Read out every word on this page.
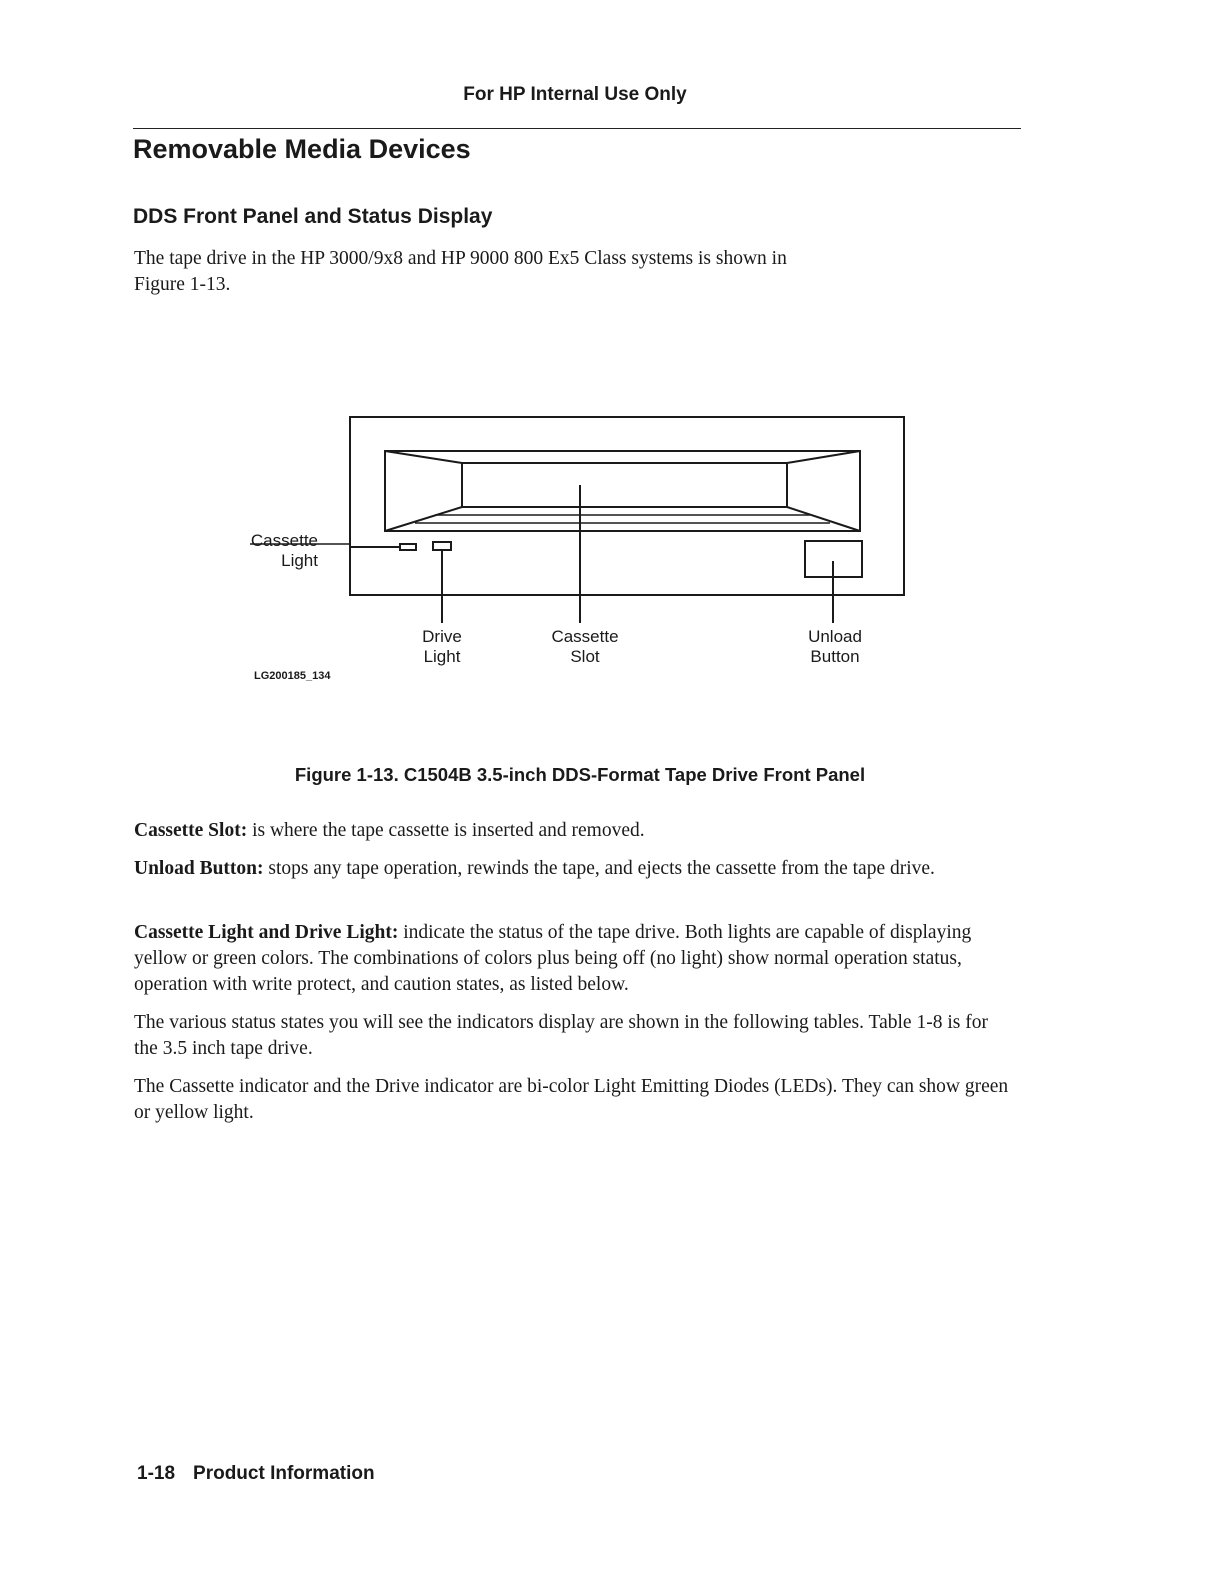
For HP Internal Use Only
Removable Media Devices
DDS Front Panel and Status Display

The tape drive in the HP 3000/9x8 and HP 9000 800 Ex5 Class systems is shown in
Figure 1-13.

Cassette
Light
Drive
Light
Cassette
Slot
Unload
Button
LG200185_134

Figure 1-13. C1504B 3.5-inch DDS-Format Tape Drive Front Panel

Cassette Slot: is where the tape cassette is inserted and removed.

Unload Button: stops any tape operation, rewinds the tape, and ejects the cassette from the tape drive.

Cassette Light and Drive Light: indicate the status of the tape drive. Both lights are capable of displaying yellow or green colors. The combinations of colors plus being off (no light) show normal operation status, operation with write protect, and caution states, as listed below.

The various status states you will see the indicators display are shown in the following tables. Table 1-8 is for the 3.5 inch tape drive.

The Cassette indicator and the Drive indicator are bi-color Light Emitting Diodes (LEDs). They can show green or yellow light.

1-18 Product Information
